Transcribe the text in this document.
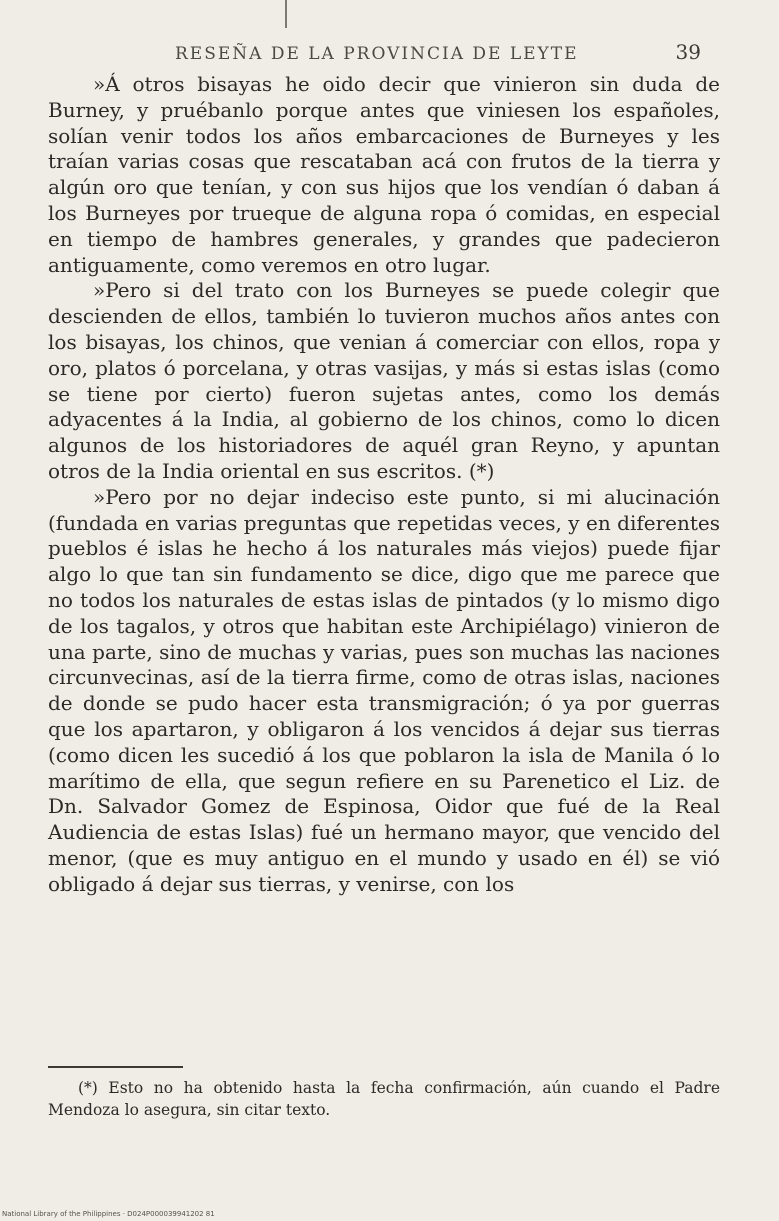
RESEÑA DE LA PROVINCIA DE LEYTE	39

»Á otros bisayas he oido decir que vinieron sin duda de Burney, y pruébanlo porque antes que viniesen los españoles, solían venir todos los años embarcaciones de Burneyes y les traían varias cosas que rescataban acá con frutos de la tierra y algún oro que tenían, y con sus hijos que los vendían ó daban á los Burneyes por trueque de alguna ropa ó comidas, en especial en tiempo de hambres generales, y grandes que padecieron antiguamente, como veremos en otro lugar.

»Pero si del trato con los Burneyes se puede colegir que descienden de ellos, también lo tuvieron muchos años antes con los bisayas, los chinos, que venian á comerciar con ellos, ropa y oro, platos ó porcelana, y otras vasijas, y más si estas islas (como se tiene por cierto) fueron sujetas antes, como los demás adyacentes á la India, al gobierno de los chinos, como lo dicen algunos de los historiadores de aquél gran Reyno, y apuntan otros de la India oriental en sus escritos. (*)

»Pero por no dejar indeciso este punto, si mi alucinación (fundada en varias preguntas que repetidas veces, y en diferentes pueblos é islas he hecho á los naturales más viejos) puede fijar algo lo que tan sin fundamento se dice, digo que me parece que no todos los naturales de estas islas de pintados (y lo mismo digo de los tagalos, y otros que habitan este Archipiélago) vinieron de una parte, sino de muchas y varias, pues son muchas las naciones circunvecinas, así de la tierra firme, como de otras islas, naciones de donde se pudo hacer esta transmigración; ó ya por guerras que los apartaron, y obligaron á los vencidos á dejar sus tierras (como dicen les sucedió á los que poblaron la isla de Manila ó lo marítimo de ella, que segun refiere en su Parenetico el Liz. de Dn. Salvador Gomez de Espinosa, Oidor que fué de la Real Audiencia de estas Islas) fué un hermano mayor, que vencido del menor, (que es muy antiguo en el mundo y usado en él) se vió obligado á dejar sus tierras, y venirse, con los

(*) Esto no ha obtenido hasta la fecha confirmación, aún cuando el Padre Mendoza lo asegura, sin citar texto.

National Library of the Philippines · D024P000039941202 81
